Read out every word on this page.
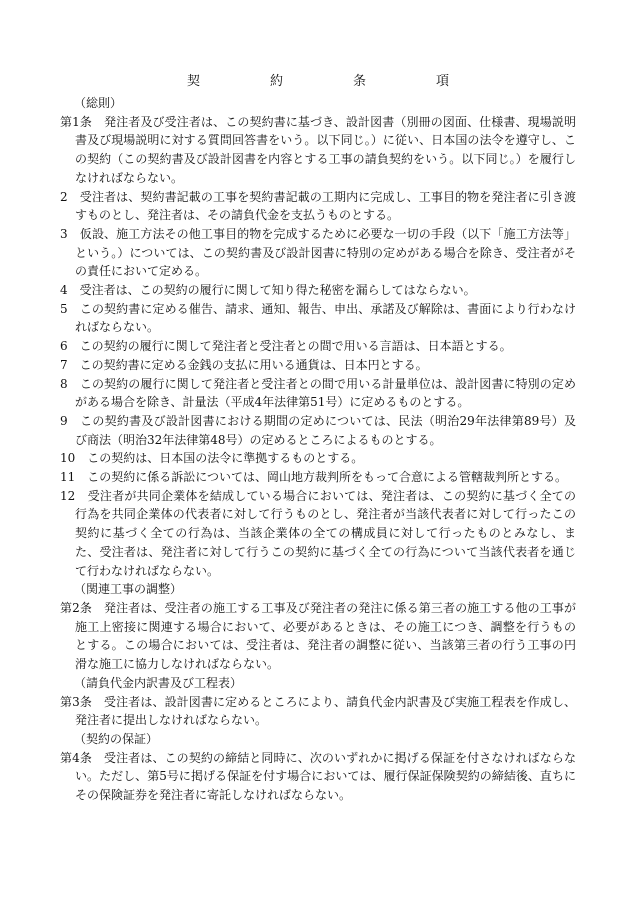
契	約	条	項
（総則）
第1条　発注者及び受注者は、この契約書に基づき、設計図書（別冊の図面、仕様書、現場説明書及び現場説明に対する質問回答書をいう。以下同じ。）に従い、日本国の法令を遵守し、この契約（この契約書及び設計図書を内容とする工事の請負契約をいう。以下同じ。）を履行しなければならない。
2　受注者は、契約書記載の工事を契約書記載の工期内に完成し、工事目的物を発注者に引き渡すものとし、発注者は、その請負代金を支払うものとする。
3　仮設、施工方法その他工事目的物を完成するために必要な一切の手段（以下「施工方法等」という。）については、この契約書及び設計図書に特別の定めがある場合を除き、受注者がその責任において定める。
4　受注者は、この契約の履行に関して知り得た秘密を漏らしてはならない。
5　この契約書に定める催告、請求、通知、報告、申出、承諾及び解除は、書面により行わなければならない。
6　この契約の履行に関して発注者と受注者との間で用いる言語は、日本語とする。
7　この契約書に定める金銭の支払に用いる通貨は、日本円とする。
8　この契約の履行に関して発注者と受注者との間で用いる計量単位は、設計図書に特別の定めがある場合を除き、計量法（平成4年法律第51号）に定めるものとする。
9　この契約書及び設計図書における期間の定めについては、民法（明治29年法律第89号）及び商法（明治32年法律第48号）の定めるところによるものとする。
10　この契約は、日本国の法令に準拠するものとする。
11　この契約に係る訴訟については、岡山地方裁判所をもって合意による管轄裁判所とする。
12　受注者が共同企業体を結成している場合においては、発注者は、この契約に基づく全ての行為を共同企業体の代表者に対して行うものとし、発注者が当該代表者に対して行ったこの契約に基づく全ての行為は、当該企業体の全ての構成員に対して行ったものとみなし、また、受注者は、発注者に対して行うこの契約に基づく全ての行為について当該代表者を通じて行わなければならない。
（関連工事の調整）
第2条　発注者は、受注者の施工する工事及び発注者の発注に係る第三者の施工する他の工事が施工上密接に関連する場合において、必要があるときは、その施工につき、調整を行うものとする。この場合においては、受注者は、発注者の調整に従い、当該第三者の行う工事の円滑な施工に協力しなければならない。
（請負代金内訳書及び工程表）
第3条　受注者は、設計図書に定めるところにより、請負代金内訳書及び実施工程表を作成し、発注者に提出しなければならない。
（契約の保証）
第4条　受注者は、この契約の締結と同時に、次のいずれかに掲げる保証を付さなければならない。ただし、第5号に掲げる保証を付す場合においては、履行保証保険契約の締結後、直ちにその保険証券を発注者に寄託しなければならない。
